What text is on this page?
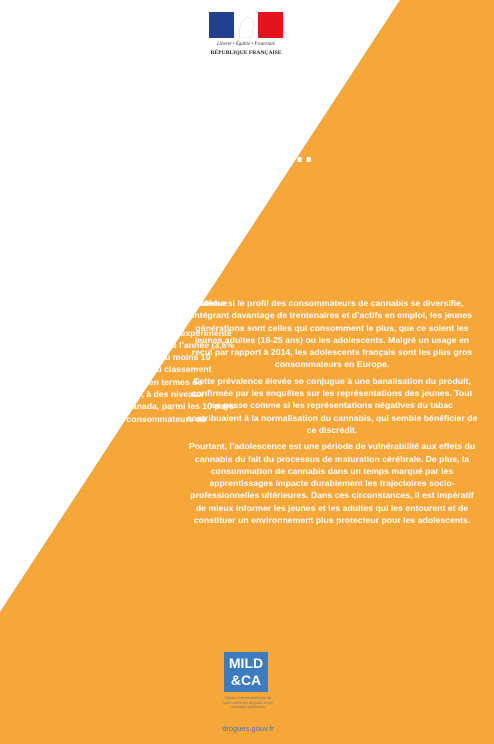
Liberté • Égalité • Fraternité
RÉPUBLIQUE FRANÇAISE
PREMIER MINISTRE
L’ESSENTIEL SUR…
JEUNES ET CANNABIS :
INFORMER SUR LES RISQUES,
PROTÉGER LES PLUS JEUNES

Le cannabis est une drogue largement répandue dans notre société.

Près de la moitié des adultes l’a déjà expérimenté et 1 Français sur 10 est usager dans l’année (3,6% sont des usagers réguliers, soit au moins 10 usages dans le mois). En tête du classement européen, la France se situe, en termes de consommation de cannabis, à des niveaux comparables à ceux du Canada, parmi les 10 pays qui comptent le plus de consommateurs au monde.

Même si le profil des consommateurs de cannabis se diversifie, intégrant davantage de trentenaires et d’actifs en emploi, les jeunes générations sont celles qui consomment le plus, que ce soient les jeunes adultes (18-25 ans) ou les adolescents. Malgré un usage en recul par rapport à 2014, les adolescents français sont les plus gros consommateurs en Europe.

Cette prévalence élevée se conjugue à une banalisation du produit, confirmée par les enquêtes sur les représentations des jeunes. Tout se passe comme si les représentations négatives du tabac contribuaient à la normalisation du cannabis, qui semble bénéficier de ce discrédit.

Pourtant, l’adolescence est une période de vulnérabilité aux effets du cannabis du fait du processus de maturation cérébrale. De plus, la consommation de cannabis dans un temps marqué par les apprentissages impacte durablement les trajectoires socio-professionnelles ultérieures. Dans ces circonstances, il est impératif de mieux informer les jeunes et les adultes qui les entourent et de constituer un environnement plus protecteur pour les adolescents.

MILD
&CA
Mission interministérielle de lutte contre les drogues et les conduites addictives
drogues.gouv.fr
